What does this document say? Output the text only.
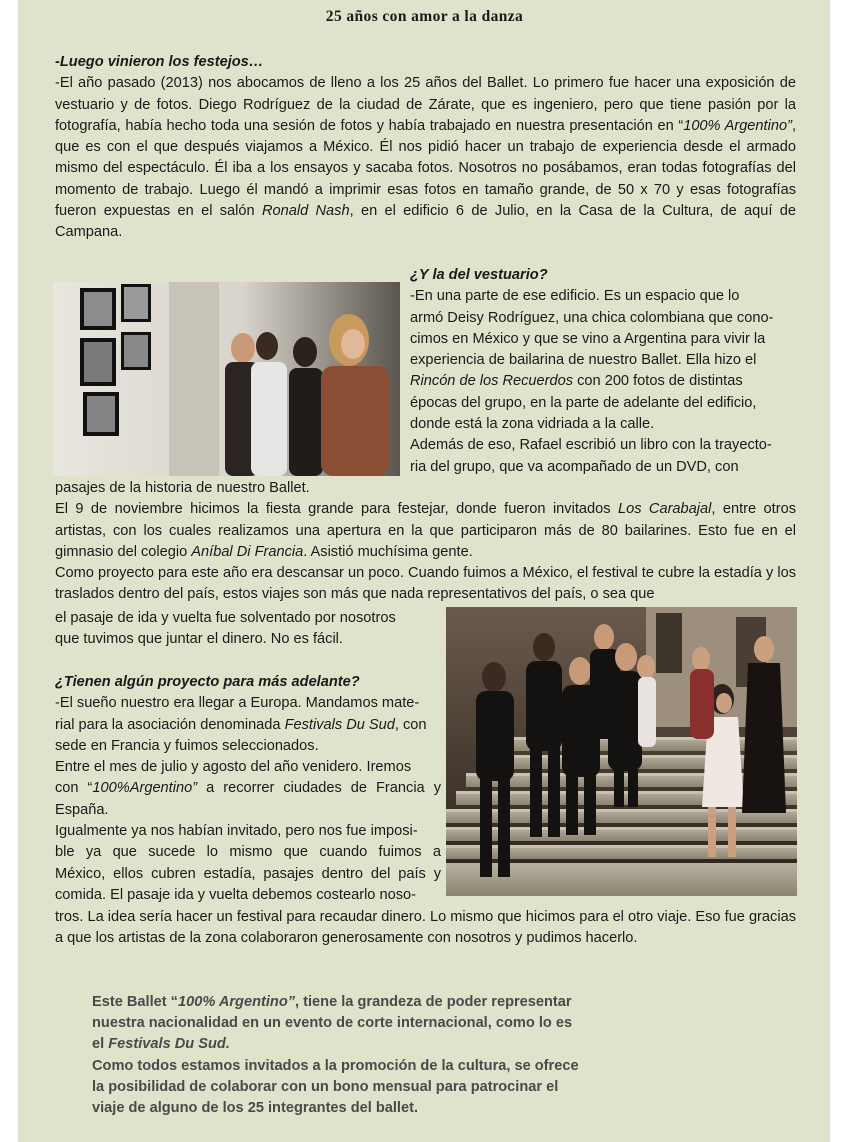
25 años con amor a la danza
-Luego vinieron los festejos…
-El año pasado (2013) nos abocamos de lleno a los 25 años del Ballet. Lo primero fue hacer una exposición de vestuario y de fotos. Diego Rodríguez de la ciudad de Zárate, que es ingeniero, pero que tiene pasión por la fotografía, había hecho toda una sesión de fotos y había trabajado en nuestra presentación en “100% Argentino”, que es con el que después viajamos a México. Él nos pidió hacer un trabajo de experiencia desde el armado mismo del espectáculo. Él iba a los ensayos y sacaba fotos. Nosotros no posábamos, eran todas fotografías del momento de trabajo. Luego él mandó a imprimir esas fotos en tamaño grande, de 50 x 70 y esas fotografías fueron expuestas en el salón Ronald Nash, en el edificio 6 de Julio, en la Casa de la Cultura, de aquí de Campana.
¿Y la del vestuario?
-En una parte de ese edificio. Es un espacio que lo
armó Deisy Rodríguez, una chica colombiana que cono-
cimos en México y que se vino a Argentina para vivir la
experiencia de bailarina de nuestro Ballet. Ella hizo el
Rincón de los Recuerdos con 200 fotos de distintas
épocas del grupo, en la parte de adelante del edificio,
donde está la zona vidriada a la calle.
Además de eso, Rafael escribió un libro con la trayecto-
ria del grupo, que va acompañado de un DVD, con
pasajes de la historia de nuestro Ballet.
El 9 de noviembre hicimos la fiesta grande para festejar, donde fueron invitados Los Carabajal, entre otros artistas, con los cuales realizamos una apertura en la que participaron más de 80 bailarines. Esto fue en el gimnasio del colegio Aníbal Di Francia. Asistió muchísima gente.
Como proyecto para este año era descansar un poco. Cuando fuimos a México, el festival te cubre la estadía y los traslados dentro del país, estos viajes son más que nada representativos del país, o sea que
el pasaje de ida y vuelta fue solventado por nosotros
que tuvimos que juntar el dinero. No es fácil.
¿Tienen algún proyecto para más adelante?
-El sueño nuestro era llegar a Europa. Mandamos mate-
rial para la asociación denominada Festivals Du Sud, con
sede en Francia y fuimos seleccionados.
Entre el mes de julio y agosto del año venidero. Iremos
con “100%Argentino” a recorrer ciudades de Francia y
España.
Igualmente ya nos habían invitado, pero nos fue imposi-
ble ya que sucede lo mismo que cuando fuimos a
México, ellos cubren estadía, pasajes dentro del país y
comida. El pasaje ida y vuelta debemos costearlo noso-
tros. La idea sería hacer un festival para recaudar dinero. Lo mismo que hicimos para el otro viaje. Eso fue gracias a que los artistas de la zona colaboraron generosamente con nosotros y pudimos hacerlo.
Este Ballet “100% Argentino”, tiene la grandeza de poder representar
nuestra nacionalidad en un evento de corte internacional, como lo es
el Festivals Du Sud.
Como todos estamos invitados a la promoción de la cultura, se ofrece
la posibilidad de colaborar con un bono mensual para patrocinar el
viaje de alguno de los 25 integrantes del ballet.
